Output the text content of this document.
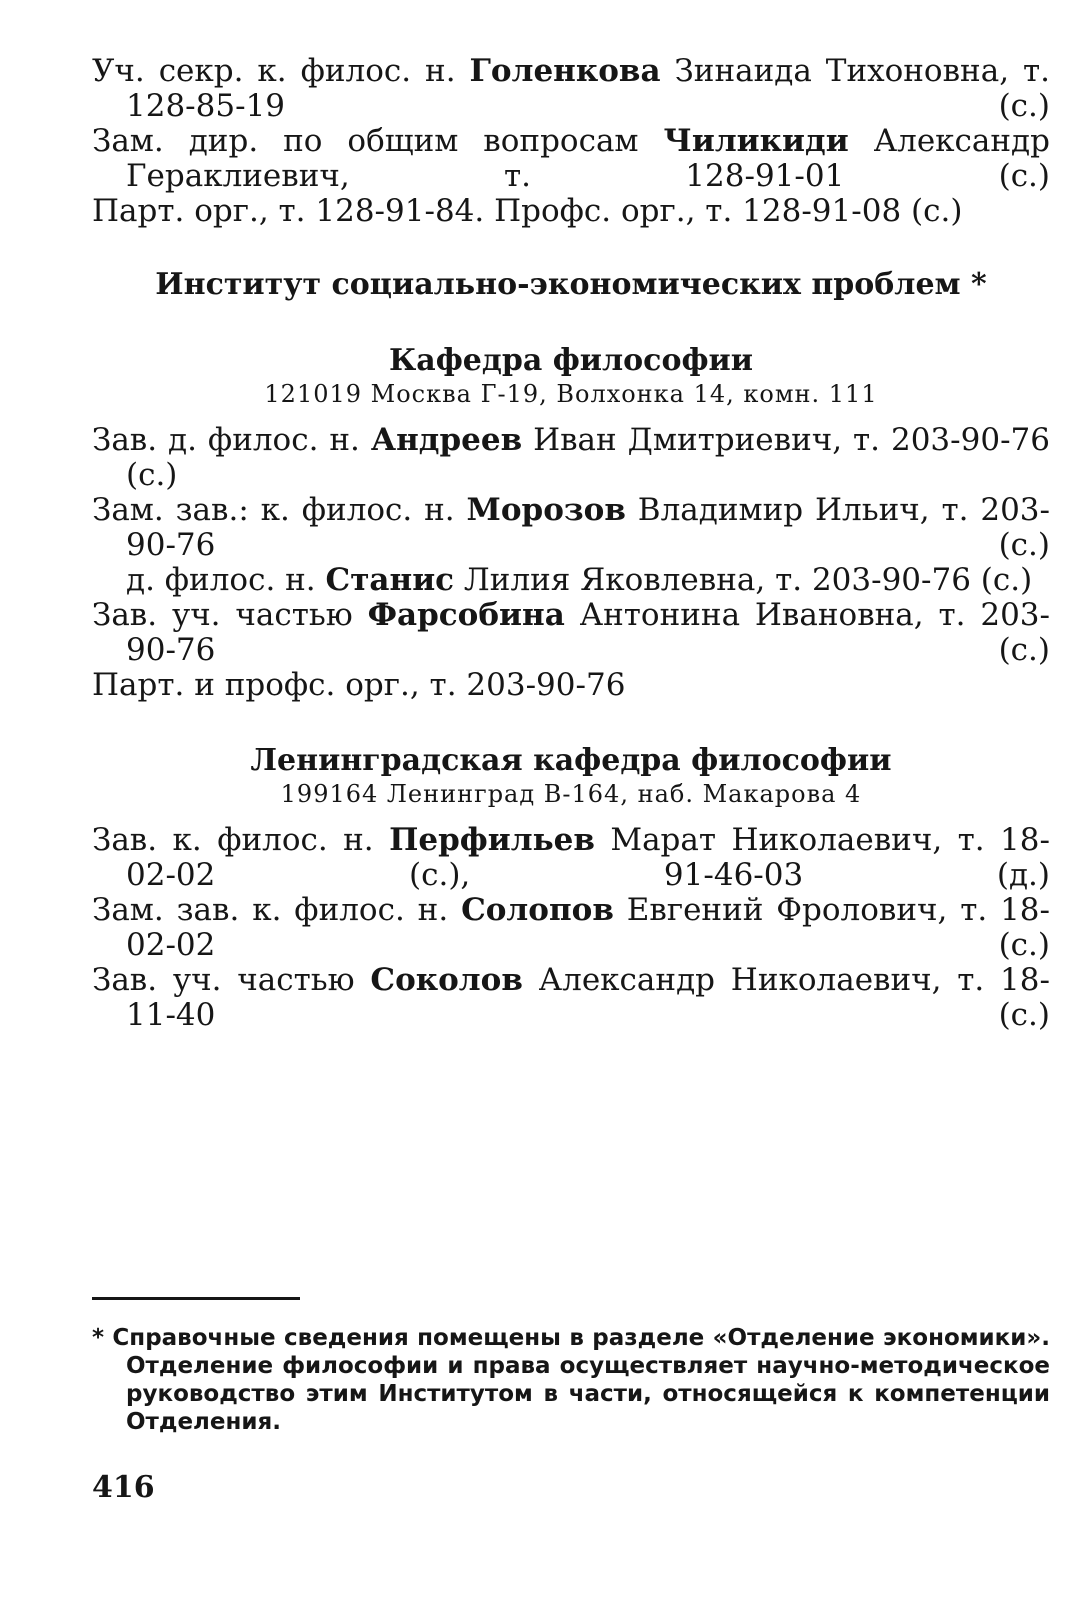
Уч. секр. к. филос. н. Голенкова Зинаида Тихоновна, т. 128-85-19 (с.)

Зам. дир. по общим вопросам Чиликиди Александр Гераклиевич, т. 128-91-01 (с.)

Парт. орг., т. 128-91-84. Профс. орг., т. 128-91-08 (с.)

Институт социально-экономических проблем *
Кафедра философии

121019 Москва Г-19, Волхонка 14, комн. 111

Зав. д. филос. н. Андреев Иван Дмитриевич, т. 203-90-76 (с.)

Зам. зав.: к. филос. н. Морозов Владимир Ильич, т. 203-90-76 (с.)

д. филос. н. Станис Лилия Яковлевна, т. 203-90-76 (с.)

Зав. уч. частью Фарсобина Антонина Ивановна, т. 203-90-76 (с.)

Парт. и профс. орг., т. 203-90-76

Ленинградская кафедра философии

199164 Ленинград В-164, наб. Макарова 4

Зав. к. филос. н. Перфильев Марат Николаевич, т. 18-02-02 (с.), 91-46-03 (д.)

Зам. зав. к. филос. н. Солопов Евгений Фролович, т. 18-02-02 (с.)

Зав. уч. частью Соколов Александр Николаевич, т. 18-11-40 (с.)

* Справочные сведения помещены в разделе «Отделение экономики». Отделение философии и права осуществляет научно-методическое руководство этим Институтом в части, относящейся к компетенции Отделения.

416
